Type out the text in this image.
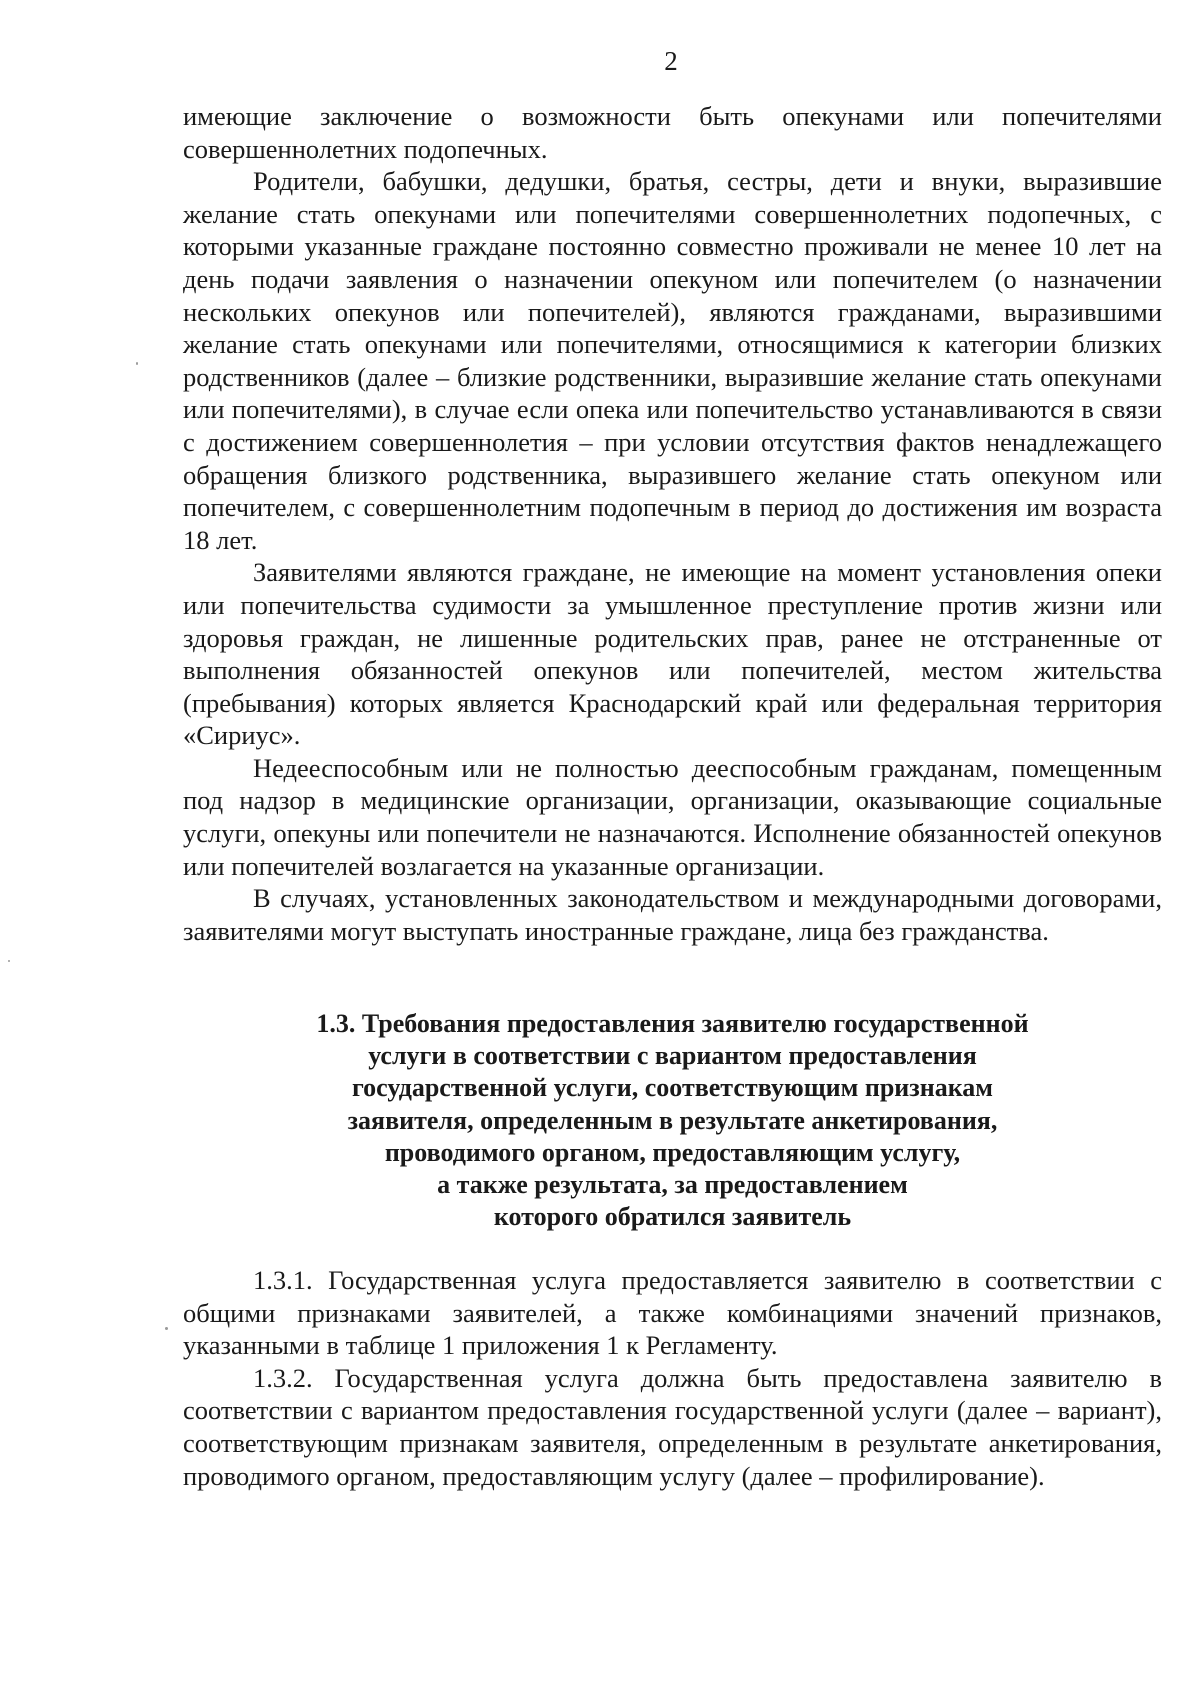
2

имеющие заключение о возможности быть опекунами или попечителями совершеннолетних подопечных.

Родители, бабушки, дедушки, братья, сестры, дети и внуки, выразившие желание стать опекунами или попечителями совершеннолетних подопечных, с которыми указанные граждане постоянно совместно проживали не менее 10 лет на день подачи заявления о назначении опекуном или попечителем (о назначении нескольких опекунов или попечителей), являются гражданами, выразившими желание стать опекунами или попечителями, относящимися к категории близких родственников (далее – близкие родственники, выразившие желание стать опекунами или попечителями), в случае если опека или попечительство устанавливаются в связи с достижением совершеннолетия – при условии отсутствия фактов ненадлежащего обращения близкого родственника, выразившего желание стать опекуном или попечителем, с совершеннолетним подопечным в период до достижения им возраста 18 лет.

Заявителями являются граждане, не имеющие на момент установления опеки или попечительства судимости за умышленное преступление против жизни или здоровья граждан, не лишенные родительских прав, ранее не отстраненные от выполнения обязанностей опекунов или попечителей, местом жительства (пребывания) которых является Краснодарский край или федеральная территория «Сириус».

Недееспособным или не полностью дееспособным гражданам, помещенным под надзор в медицинские организации, организации, оказывающие социальные услуги, опекуны или попечители не назначаются. Исполнение обязанностей опекунов или попечителей возлагается на указанные организации.

В случаях, установленных законодательством и международными договорами, заявителями могут выступать иностранные граждане, лица без гражданства.

1.3. Требования предоставления заявителю государственной
услуги в соответствии с вариантом предоставления
государственной услуги, соответствующим признакам
заявителя, определенным в результате анкетирования,
проводимого органом, предоставляющим услугу,
а также результата, за предоставлением
которого обратился заявитель

1.3.1. Государственная услуга предоставляется заявителю в соответствии с общими признаками заявителей, а также комбинациями значений признаков, указанными в таблице 1 приложения 1 к Регламенту.

1.3.2. Государственная услуга должна быть предоставлена заявителю в соответствии с вариантом предоставления государственной услуги (далее – вариант), соответствующим признакам заявителя, определенным в результате анкетирования, проводимого органом, предоставляющим услугу (далее – профилирование).
